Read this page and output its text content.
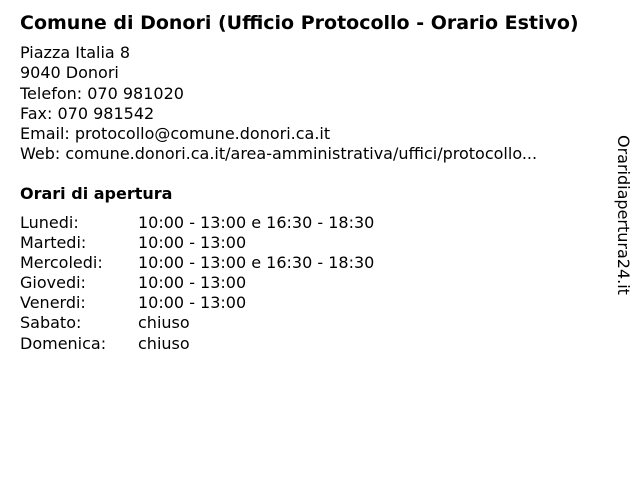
Comune di Donori (Ufficio Protocollo - Orario Estivo)
Piazza Italia 8
9040 Donori
Telefon: 070 981020
Fax: 070 981542
Email: protocollo@comune.donori.ca.it
Web: comune.donori.ca.it/area-amministrativa/uffici/protocollo...
Orari di apertura
Lunedi:	10:00 - 13:00 e 16:30 - 18:30
Martedi:	10:00 - 13:00
Mercoledi:	10:00 - 13:00 e 16:30 - 18:30
Giovedi:	10:00 - 13:00
Venerdi:	10:00 - 13:00
Sabato:	chiuso
Domenica:	chiuso
Oraridiapertura24.it
